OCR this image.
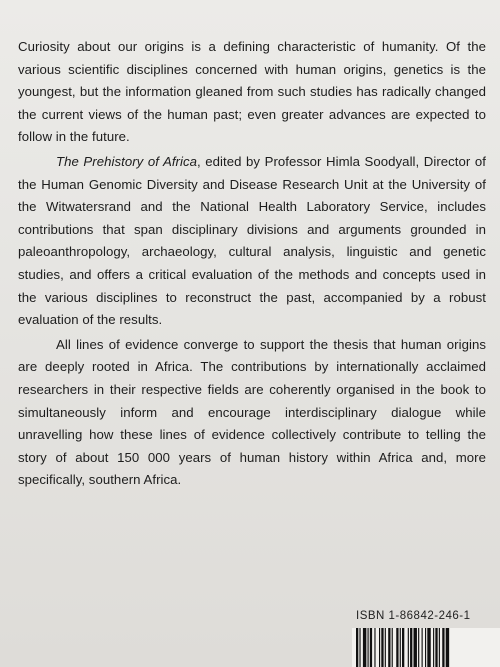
Curiosity about our origins is a defining characteristic of humanity. Of the various scientific disciplines concerned with human origins, genetics is the youngest, but the information gleaned from such studies has radically changed the current views of the human past; even greater advances are expected to follow in the future.

The Prehistory of Africa, edited by Professor Himla Soodyall, Director of the Human Genomic Diversity and Disease Research Unit at the University of the Witwatersrand and the National Health Laboratory Service, includes contributions that span disciplinary divisions and arguments grounded in paleoanthropology, archaeology, cultural analysis, linguistic and genetic studies, and offers a critical evaluation of the methods and concepts used in the various disciplines to reconstruct the past, accompanied by a robust evaluation of the results.

All lines of evidence converge to support the thesis that human origins are deeply rooted in Africa. The contributions by internationally acclaimed researchers in their respective fields are coherently organised in the book to simultaneously inform and encourage interdisciplinary dialogue while unravelling how these lines of evidence collectively contribute to telling the story of about 150 000 years of human history within Africa and, more specifically, southern Africa.

ISBN 1-86842-246-1
